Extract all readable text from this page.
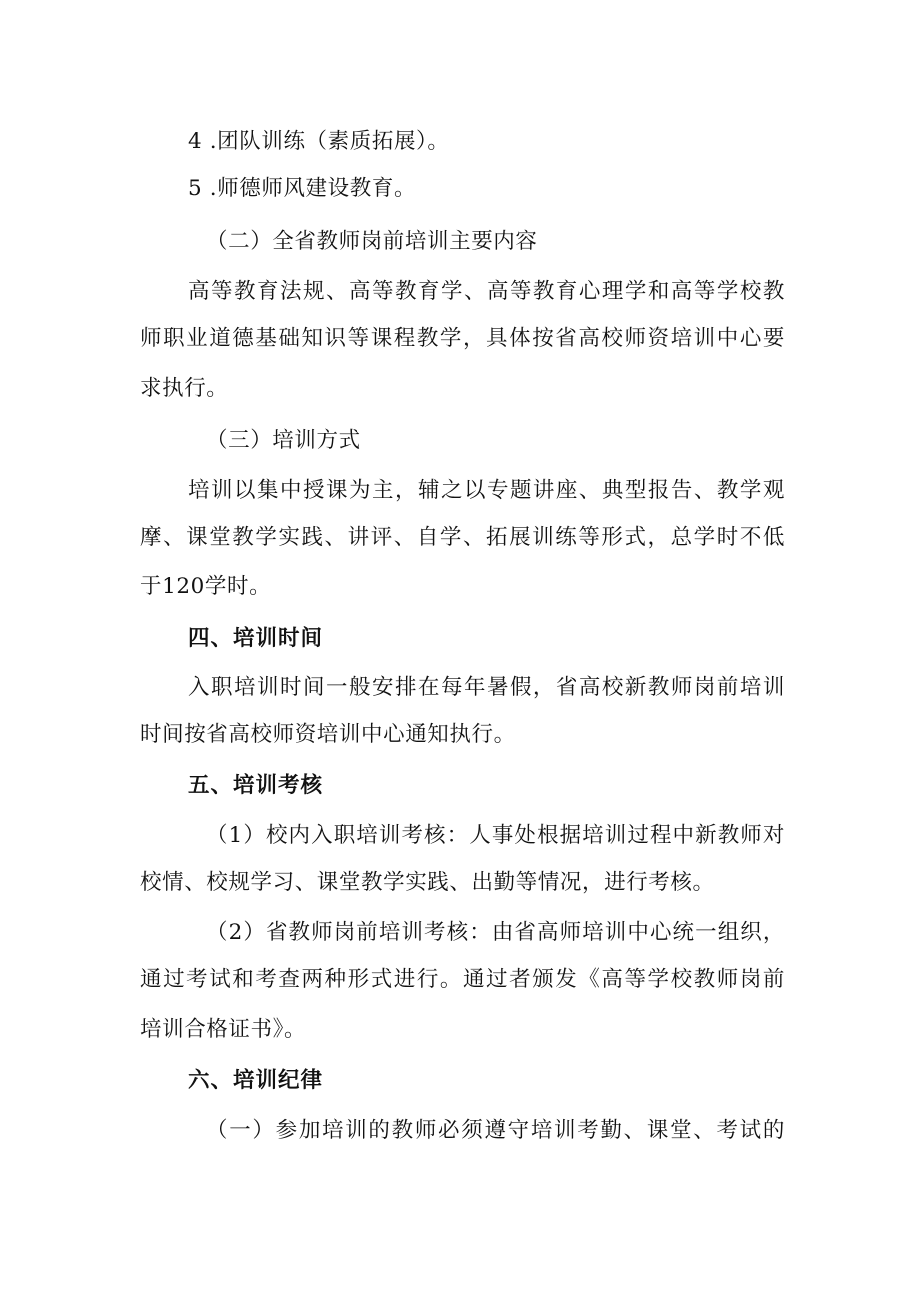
4 .团队训练（素质拓展）。
5 .师德师风建设教育。
（二）全省教师岗前培训主要内容
高等教育法规、高等教育学、高等教育心理学和高等学校教
师职业道德基础知识等课程教学，具体按省高校师资培训中心要
求执行。
（三）培训方式
培训以集中授课为主，辅之以专题讲座、典型报告、教学观
摩、课堂教学实践、讲评、自学、拓展训练等形式，总学时不低
于120学时。
四、培训时间
入职培训时间一般安排在每年暑假，省高校新教师岗前培训
时间按省高校师资培训中心通知执行。
五、培训考核
（1）校内入职培训考核：人事处根据培训过程中新教师对
校情、校规学习、课堂教学实践、出勤等情况，进行考核。
（2）省教师岗前培训考核：由省高师培训中心统一组织，
通过考试和考查两种形式进行。通过者颁发《高等学校教师岗前
培训合格证书》。
六、培训纪律
（一）参加培训的教师必须遵守培训考勤、课堂、考试的
